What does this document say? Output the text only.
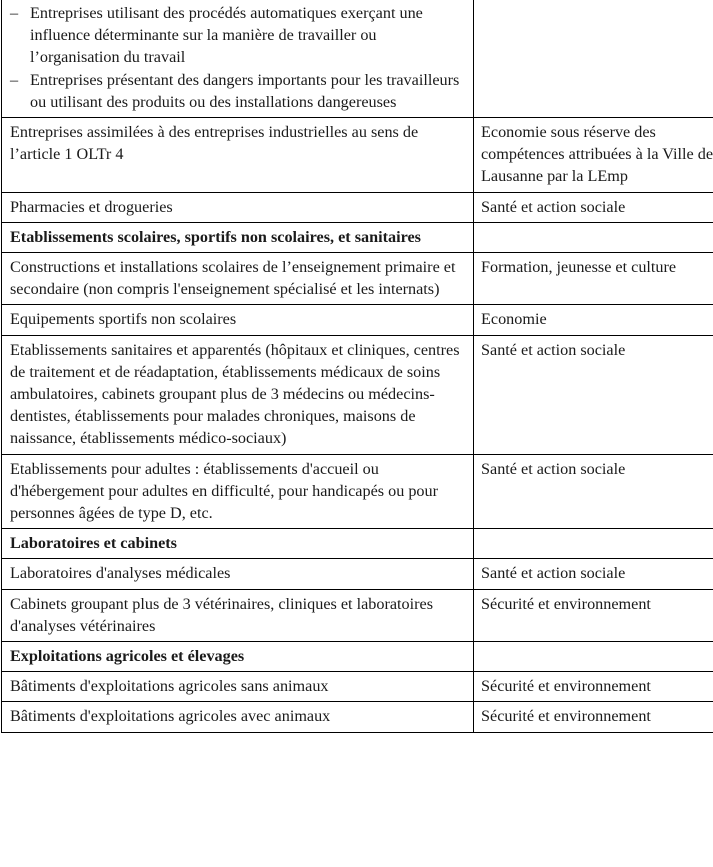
– Entreprises utilisant des procédés automatiques exerçant une influence déterminante sur la manière de travailler ou l’organisation du travail
– Entreprises présentant des dangers importants pour les travailleurs ou utilisant des produits ou des installations dangereuses	

Entreprises assimilées à des entreprises industrielles au sens de l’article 1 OLTr 4	Economie sous réserve des compétences attribuées à la Ville de Lausanne par la LEmp
Pharmacies et drogueries	Santé et action sociale
Etablissements scolaires, sportifs non scolaires, et sanitaires	
Constructions et installations scolaires de l’enseignement primaire et secondaire (non compris l'enseignement spécialisé et les internats)	Formation, jeunesse et culture
Equipements sportifs non scolaires	Economie
Etablissements sanitaires et apparentés (hôpitaux et cliniques, centres de traitement et de réadaptation, établissements médicaux de soins ambulatoires, cabinets groupant plus de 3 médecins ou médecins-dentistes, établissements pour malades chroniques, maisons de naissance, établissements médico-sociaux)	Santé et action sociale
Etablissements pour adultes : établissements d'accueil ou d'hébergement pour adultes en difficulté, pour handicapés ou pour personnes âgées de type D, etc.	Santé et action sociale
Laboratoires et cabinets	
Laboratoires d'analyses médicales	Santé et action sociale
Cabinets groupant plus de 3 vétérinaires, cliniques et laboratoires d'analyses vétérinaires	Sécurité et environnement
Exploitations agricoles et élevages	
Bâtiments d'exploitations agricoles sans animaux	Sécurité et environnement
Bâtiments d'exploitations agricoles avec animaux	Sécurité et environnement
